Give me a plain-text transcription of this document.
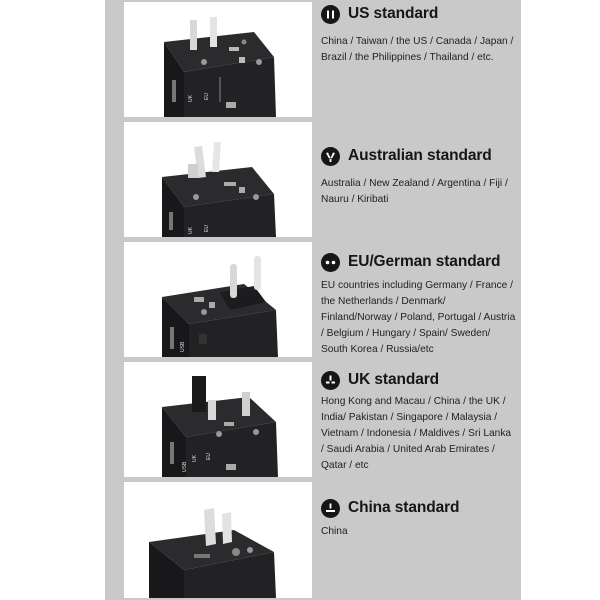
UK EU
US standard
China / Taiwan / the US / Canada / Japan / Brazil / the Philippines / Thailand / etc.
UK EU
Australian standard
Australia / New Zealand / Argentina / Fiji / Nauru / Kiribati
USB
EU/German standard
EU countries including Germany / France / the Netherlands / Denmark/ Finland/Norway / Poland, Portugal / Austria / Belgium / Hungary / Spain/ Sweden/ South Korea / Russia/etc
USB
UK EU
UK standard
Hong Kong and Macau / China / the UK / India/ Pakistan / Singapore / Malaysia / Vietnam / Indonesia / Maldives / Sri Lanka / Saudi Arabia / United Arab Emirates / Qatar / etc
China standard
China
